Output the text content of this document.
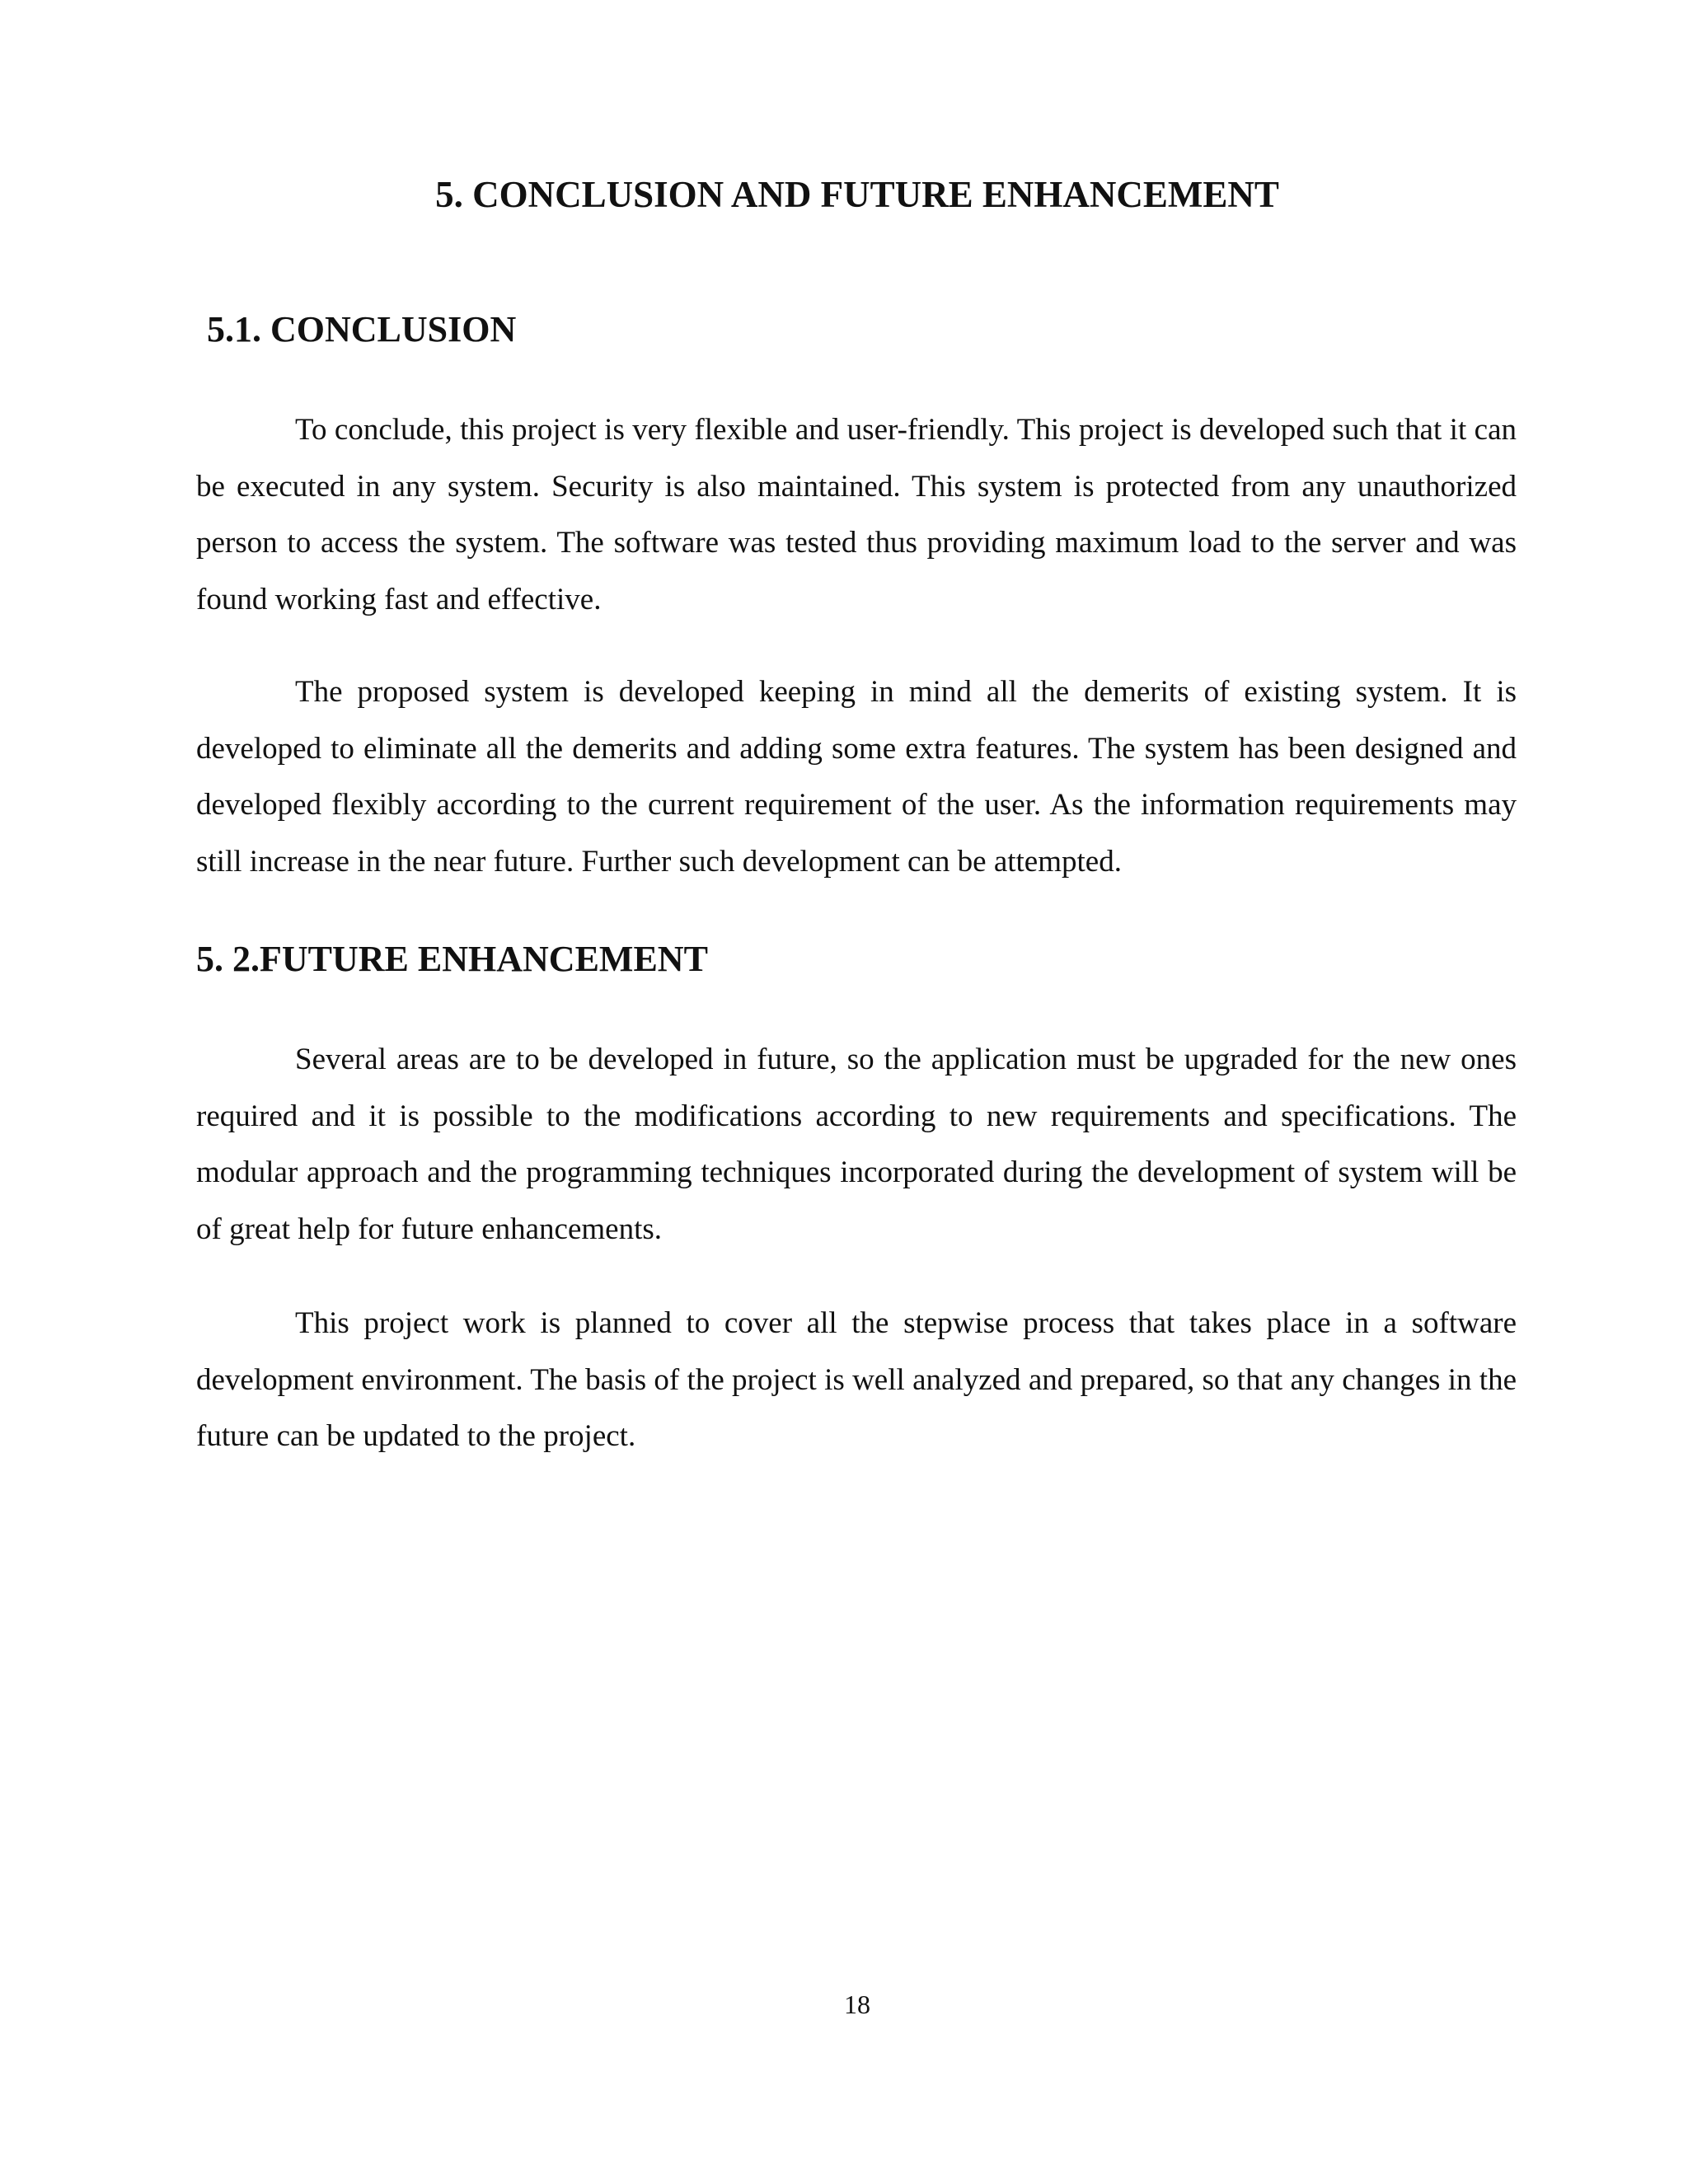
5. CONCLUSION AND FUTURE ENHANCEMENT
5.1. CONCLUSION

To conclude, this project is very flexible and user-friendly. This project is developed such that it can be executed in any system. Security is also maintained. This system is protected from any unauthorized person to access the system. The software was tested thus providing maximum load to the server and was found working fast and effective.

The proposed system is developed keeping in mind all the demerits of existing system. It is developed to eliminate all the demerits and adding some extra features. The system has been designed and developed flexibly according to the current requirement of the user. As the information requirements may still increase in the near future. Further such development can be attempted.

5. 2.FUTURE ENHANCEMENT

Several areas are to be developed in future, so the application must be upgraded for the new ones required and it is possible to the modifications according to new requirements and specifications. The modular approach and the programming techniques incorporated during the development of system will be of great help for future enhancements.

This project work is planned to cover all the stepwise process that takes place in a software development environment. The basis of the project is well analyzed and prepared, so that any changes in the future can be updated to the project.

18
